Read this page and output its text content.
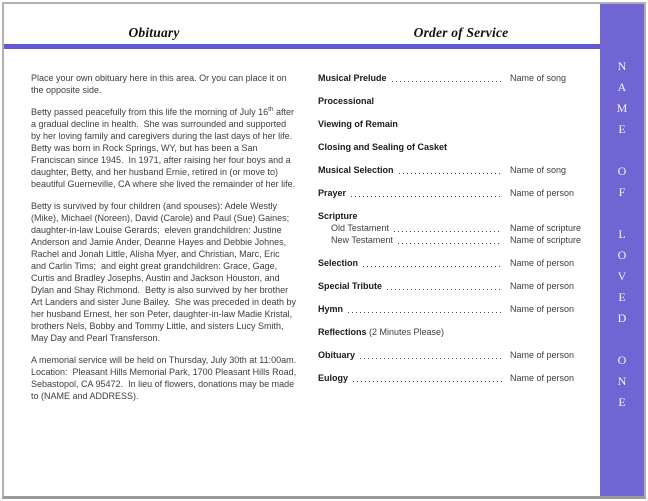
Obituary	Order of Service

Place your own obituary here in this area. Or you can place it on the opposite side.

Betty passed peacefully from this life the morning of July 16th after a gradual decline in health.  She was surrounded and supported by her loving family and caregivers during the last days of her life.  Betty was born in Rock Springs, WY, but has been a San Franciscan since 1945.  In 1971, after raising her four boys and a daughter, Betty, and her husband Ernie, retired in (or move to) beautiful Guerneville, CA where she lived the remainder of her life.

Betty is survived by four children (and spouses): Adele Westly (Mike), Michael (Noreen), David (Carole) and Paul (Sue) Gaines;  daughter-in-law Louise Gerards;  eleven grandchildren: Justine Anderson and Jamie Ander, Deanne Hayes and Debbie Johnes, Rachel and Jonah Little, Alisha Myer, and Christian, Marc, Eric and Carlin Tims;  and eight great grandchildren: Grace, Gage, Curtis and Bradley Josephs, Austin and Jackson Houston, and Dylan and Shay Richmond.  Betty is also survived by her brother Art Landers and sister June Bailey.  She was preceded in death by her husband Ernest, her son Peter, daughter-in-law Madie Kristal, brothers Nels, Bobby and Tommy Little, and sisters Lucy Smith, May Day and Pearl Transferson.

A memorial service will be held on Thursday, July 30th at 11:00am.  Location:  Pleasant Hills Memorial Park, 1700 Pleasant Hills Road, Sebastopol, CA 95472.  In lieu of flowers, donations may be made to (NAME and ADDRESS).

Musical Prelude	Name of song
Processional
Viewing of Remain
Closing and Sealing of Casket
Musical Selection	Name of song
Prayer	Name of person
Scripture
Old Testament	Name of scripture
New Testament	Name of scripture
Selection	Name of person
Special Tribute	Name of person
Hymn	Name of person
Reflections (2 Minutes Please)
Obituary	Name of person
Eulogy	Name of person
N
A
M
E
O
F
L
O
V
E
D
O
N
E
